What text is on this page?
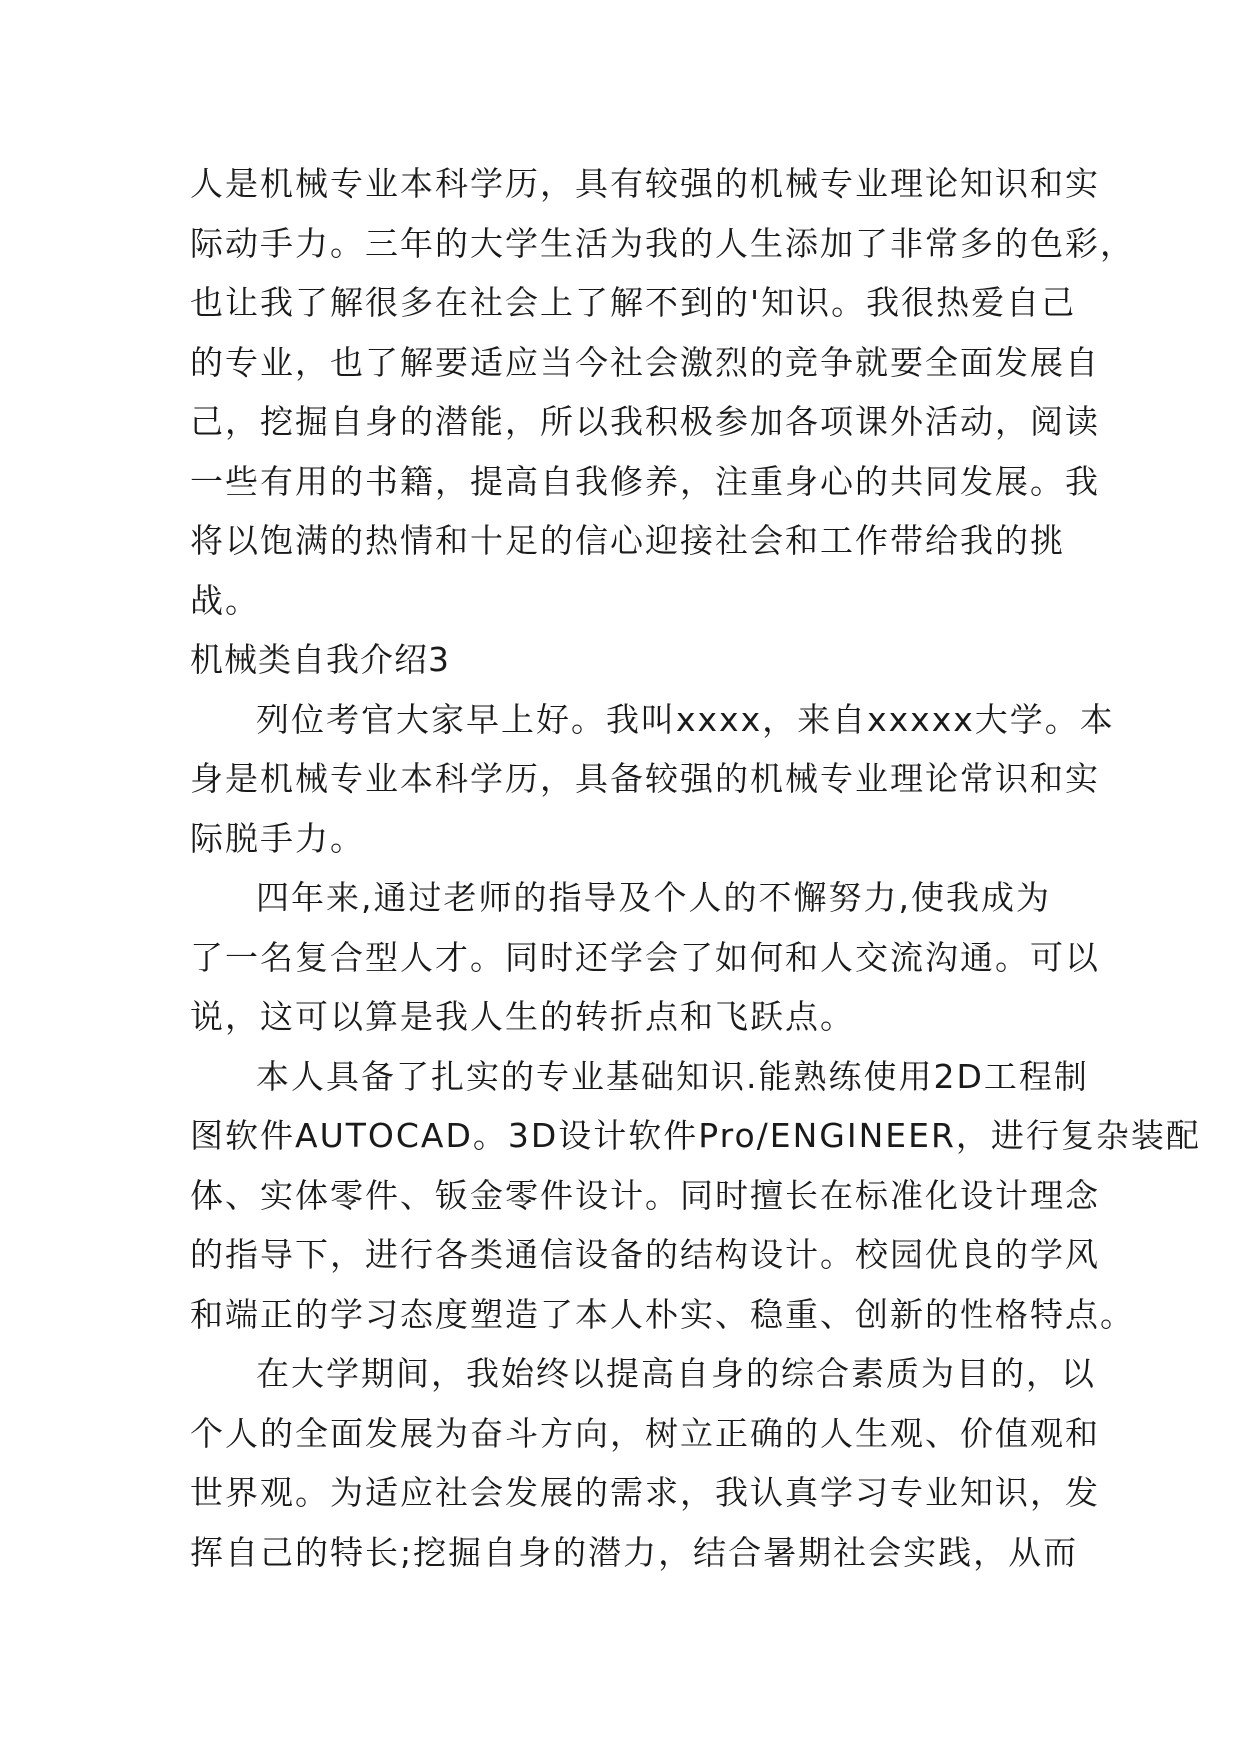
人是机械专业本科学历，具有较强的机械专业理论知识和实
际动手力。三年的大学生活为我的人生添加了非常多的色彩，
也让我了解很多在社会上了解不到的'知识。我很热爱自己
的专业，也了解要适应当今社会激烈的竞争就要全面发展自
己，挖掘自身的潜能，所以我积极参加各项课外活动，阅读
一些有用的书籍，提高自我修养，注重身心的共同发展。我
将以饱满的热情和十足的信心迎接社会和工作带给我的挑
战。
机械类自我介绍3
列位考官大家早上好。我叫xxxx，来自xxxxx大学。本
身是机械专业本科学历，具备较强的机械专业理论常识和实
际脱手力。
四年来,通过老师的指导及个人的不懈努力,使我成为
了一名复合型人才。同时还学会了如何和人交流沟通。可以
说，这可以算是我人生的转折点和飞跃点。
本人具备了扎实的专业基础知识.能熟练使用2D工程制
图软件AUTOCAD。3D设计软件Pro/ENGINEER，进行复杂装配
体、实体零件、钣金零件设计。同时擅长在标准化设计理念
的指导下，进行各类通信设备的结构设计。校园优良的学风
和端正的学习态度塑造了本人朴实、稳重、创新的性格特点。
在大学期间，我始终以提高自身的综合素质为目的，以
个人的全面发展为奋斗方向，树立正确的人生观、价值观和
世界观。为适应社会发展的需求，我认真学习专业知识，发
挥自己的特长;挖掘自身的潜力，结合暑期社会实践，从而
